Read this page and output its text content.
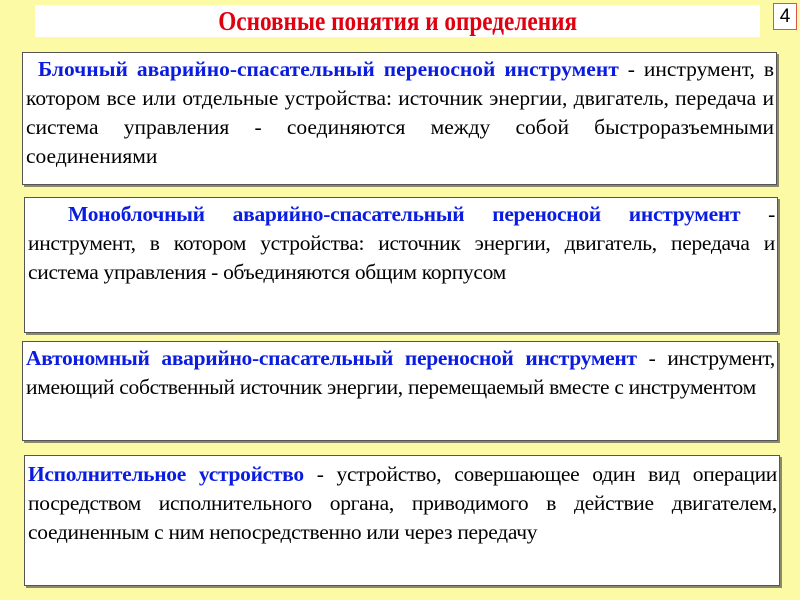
Основные понятия и определения	4

Блочный аварийно-спасательный переносной инструмент - инструмент, в котором все или отдельные устройства: источник энергии, двигатель, передача и система управления - соединяются между собой быстроразъемными соединениями

Моноблочный аварийно-спасательный переносной инструмент - инструмент, в котором устройства: источник энергии, двигатель, передача и система управления - объединяются общим корпусом

Автономный аварийно-спасательный переносной инструмент - инструмент, имеющий собственный источник энергии, перемещаемый вместе с инструментом

Исполнительное устройство - устройство, совершающее один вид операции посредством исполнительного органа, приводимого в действие двигателем, соединенным с ним непосредственно или через передачу
